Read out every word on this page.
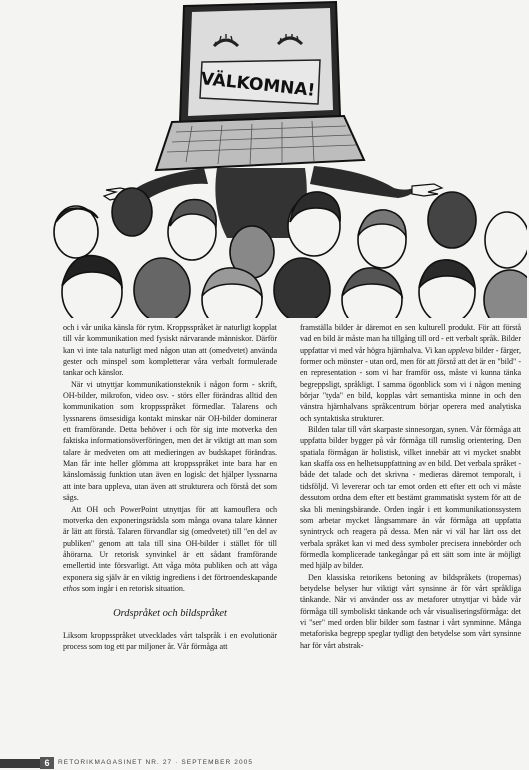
VÄLKOMNA!

och i vår unika känsla för rytm. Kroppsspråket är naturligt kopplat till vår kommunikation med fysiskt närvarande människor. Därför kan vi inte tala naturligt med någon utan att (omedvetet) använda gester och minspel som kompletterar våra verbalt formulerade tankar och känslor.

När vi utnyttjar kommunikationsteknik i någon form - skrift, OH-bilder, mikrofon, video osv. - störs eller förändras alltid den kommunikation som kroppsspråket förmedlar. Talarens och lyssnarens ömsesidiga kontakt minskar när OH-bilder dominerar ett framförande. Detta behöver i och för sig inte motverka den faktiska informationsöverföringen, men det är viktigt att man som talare är medveten om att medieringen av budskapet förändras. Man får inte heller glömma att kroppsspråket inte bara har en känslomässig funktion utan även en logisk: det hjälper lyssnarna att inte bara uppleva, utan även att strukturera och förstå det som sägs.

Att OH och PowerPoint utnyttjas för att kamouflera och motverka den exponeringsrädsla som många ovana talare känner är lätt att förstå. Talaren förvandlar sig (omedvetet) till "en del av publiken" genom att tala till sina OH-bilder i stället för till åhörarna. Ur retorisk synvinkel är ett sådant framförande emellertid inte försvarligt. Att våga möta publiken och att våga exponera sig själv är en viktig ingrediens i det förtroendeskapande ethos som ingår i en retorisk situation.

Ordspråket och bildspråket

Liksom kroppsspråket utvecklades vårt talspråk i en evolutionär process som tog ett par miljoner år. Vår förmåga att

framställa bilder är däremot en sen kulturell produkt. För att förstå vad en bild är måste man ha tillgång till ord - ett verbalt språk. Bilder uppfattar vi med vår högra hjärnhalva. Vi kan uppleva bilder - färger, former och mönster - utan ord, men för att förstå att det är en "bild" - en representation - som vi har framför oss, måste vi kunna tänka begreppsligt, språkligt. I samma ögonblick som vi i någon mening börjar "tyda" en bild, kopplas vårt semantiska minne in och den vänstra hjärnhalvans språkcentrum börjar operera med analytiska och syntaktiska strukturer.

Bilden talar till vårt skarpaste sinnesorgan, synen. Vår förmåga att uppfatta bilder bygger på vår förmåga till rumslig orientering. Den spatiala förmågan är holistisk, vilket innebär att vi mycket snabbt kan skaffa oss en helhetsuppfattning av en bild. Det verbala språket - både det talade och det skrivna - medieras däremot temporalt, i tidsföljd. Vi levererar och tar emot orden ett efter ett och vi måste dessutom ordna dem efter ett bestämt grammatiskt system för att de ska bli meningsbärande. Orden ingår i ett kommunikationssystem som arbetar mycket långsammare än vår förmåga att uppfatta synintryck och reagera på dessa. Men när vi väl har lärt oss det verbala språket kan vi med dess symboler precisera innebörder och förmedla komplicerade tankegångar på ett sätt som inte är möjligt med hjälp av bilder.

Den klassiska retorikens betoning av bildspråkets (tropernas) betydelse belyser hur viktigt vårt synsinne är för vårt språkliga tänkande. När vi använder oss av metaforer utnyttjar vi både vår förmåga till symboliskt tänkande och vår visualiseringsförmåga: det vi "ser" med orden blir bilder som fastnar i vårt synminne. Många metaforiska begrepp speglar tydligt den betydelse som vårt synsinne har för vårt abstrak-

6	RETORIKMAGASINET NR. 27 · SEPTEMBER 2005
